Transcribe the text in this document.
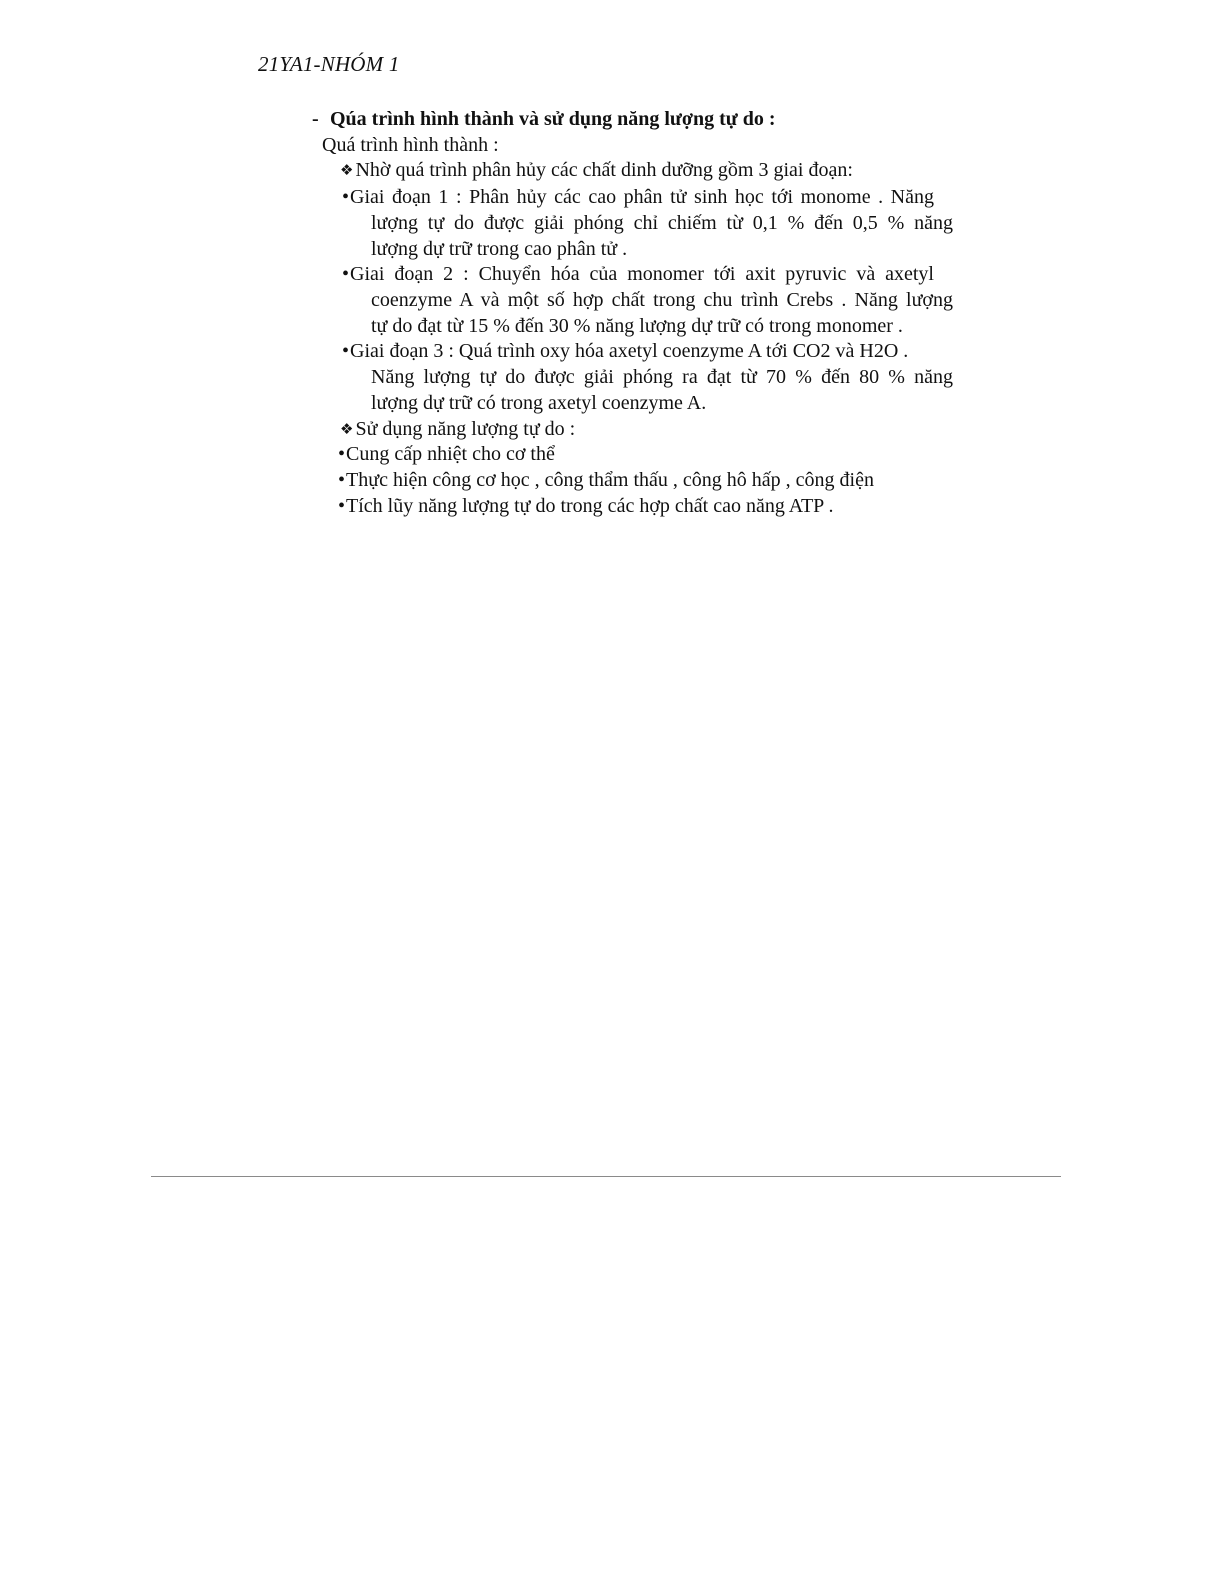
21YA1-NHÓM 1
- Qúa trình hình thành và sử dụng năng lượng tự do :
Quá trình hình thành :
❖ Nhờ quá trình phân hủy các chất dinh dưỡng gồm 3 giai đoạn:
•Giai đoạn 1 : Phân hủy các cao phân tử sinh học tới monome . Năng
lượng tự do được giải phóng chỉ chiếm từ 0,1 % đến 0,5 % năng
lượng dự trữ trong cao phân tử .
•Giai đoạn 2 : Chuyển hóa của monomer tới axit pyruvic và axetyl
coenzyme A và một số hợp chất trong chu trình Crebs . Năng lượng
tự do đạt từ 15 % đến 30 % năng lượng dự trữ có trong monomer .
•Giai đoạn 3 : Quá trình oxy hóa axetyl coenzyme A tới CO2 và H2O .
Năng lượng tự do được giải phóng ra đạt từ 70 % đến 80 % năng
lượng dự trữ có trong axetyl coenzyme A.
❖ Sử dụng năng lượng tự do :
•Cung cấp nhiệt cho cơ thể
•Thực hiện công cơ học , công thẩm thấu , công hô hấp , công điện
•Tích lũy năng lượng tự do trong các hợp chất cao năng ATP .
